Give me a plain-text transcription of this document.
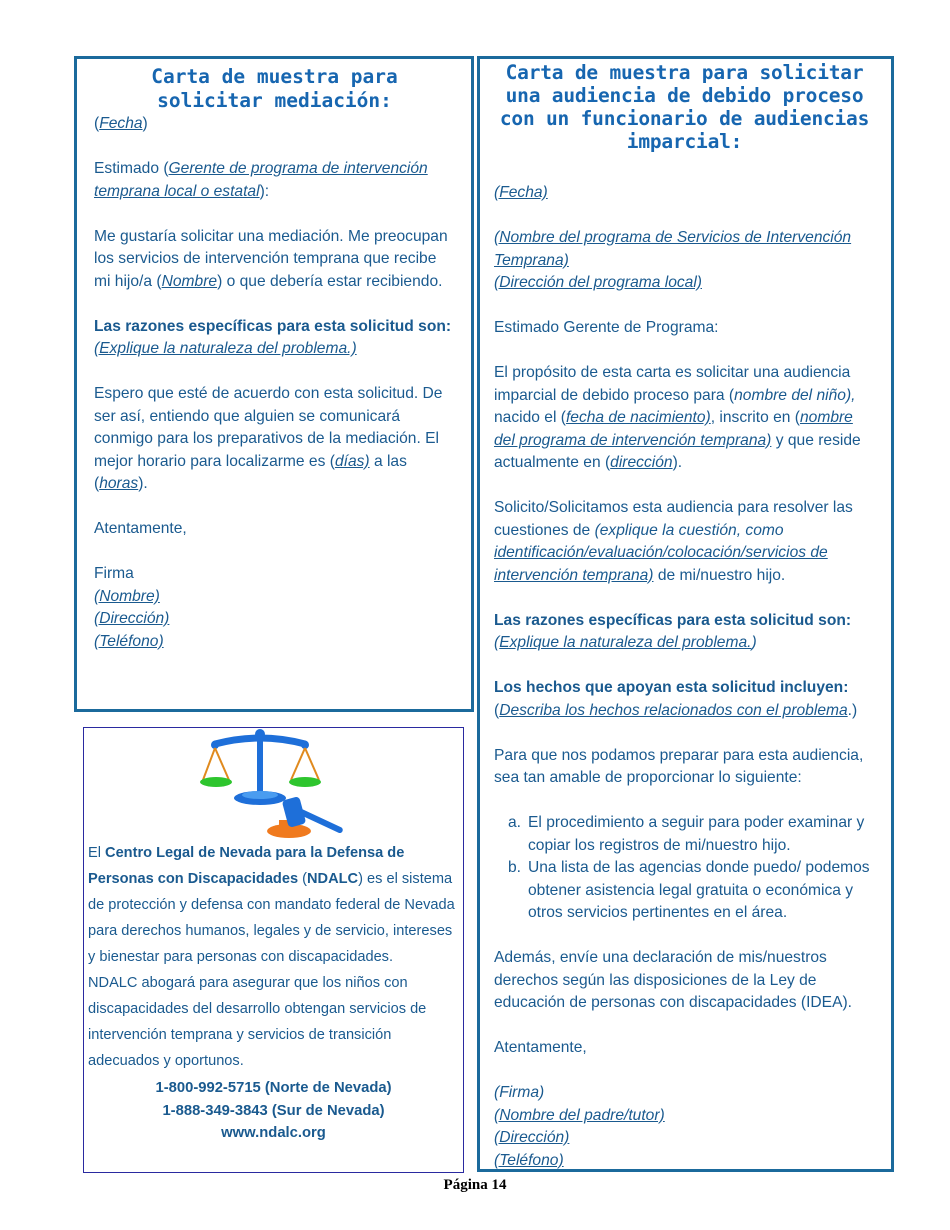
Carta de muestra para solicitar mediación:

(Fecha)

Estimado (Gerente de programa de intervención temprana local o estatal):

Me gustaría solicitar una mediación. Me preocupan los servicios de intervención temprana que recibe mi hijo/a (Nombre) o que debería estar recibiendo.

Las razones específicas para esta solicitud son:

(Explique la naturaleza del problema.)

Espero que esté de acuerdo con esta solicitud. De ser así, entiendo que alguien se comunicará conmigo para los preparativos de la mediación. El mejor horario para localizarme es (días) a las (horas).

Atentamente,

Firma

(Nombre)

(Dirección)

(Teléfono)

El Centro Legal de Nevada para la Defensa de Personas con Discapacidades (NDALC) es el sistema de protección y defensa con mandato federal de Nevada para derechos humanos, legales y de servicio, intereses y bienestar para personas con discapacidades.

NDALC abogará para asegurar que los niños con discapacidades del desarrollo obtengan servicios de intervención temprana y servicios de transición adecuados y oportunos.

1-800-992-5715 (Norte de Nevada)
1-888-349-3843 (Sur de Nevada)
www.ndalc.org
Carta de muestra para solicitar una audiencia de debido proceso con un funcionario de audiencias imparcial:

(Fecha)

(Nombre del programa de Servicios de Intervención Temprana)

(Dirección del programa local)

Estimado Gerente de Programa:

El propósito de esta carta es solicitar una audiencia imparcial de debido proceso para (nombre del niño), nacido el (fecha de nacimiento), inscrito en (nombre del programa de intervención temprana) y que reside actualmente en (dirección).

Solicito/Solicitamos esta audiencia para resolver las cuestiones de (explique la cuestión, como identificación/evaluación/colocación/servicios de intervención temprana) de mi/nuestro hijo.

Las razones específicas para esta solicitud son:

(Explique la naturaleza del problema.)

Los hechos que apoyan esta solicitud incluyen:

(Describa los hechos relacionados con el problema.)

Para que nos podamos preparar para esta audiencia, sea tan amable de proporcionar lo siguiente:

a. El procedimiento a seguir para poder examinar y copiar los registros de mi/nuestro hijo.
b. Una lista de las agencias donde puedo/ podemos obtener asistencia legal gratuita o económica y otros servicios pertinentes en el área.

Además, envíe una declaración de mis/nuestros derechos según las disposiciones de la Ley de educación de personas con discapacidades (IDEA).

Atentamente,

(Firma)

(Nombre del padre/tutor)

(Dirección)

(Teléfono)

Página 14
